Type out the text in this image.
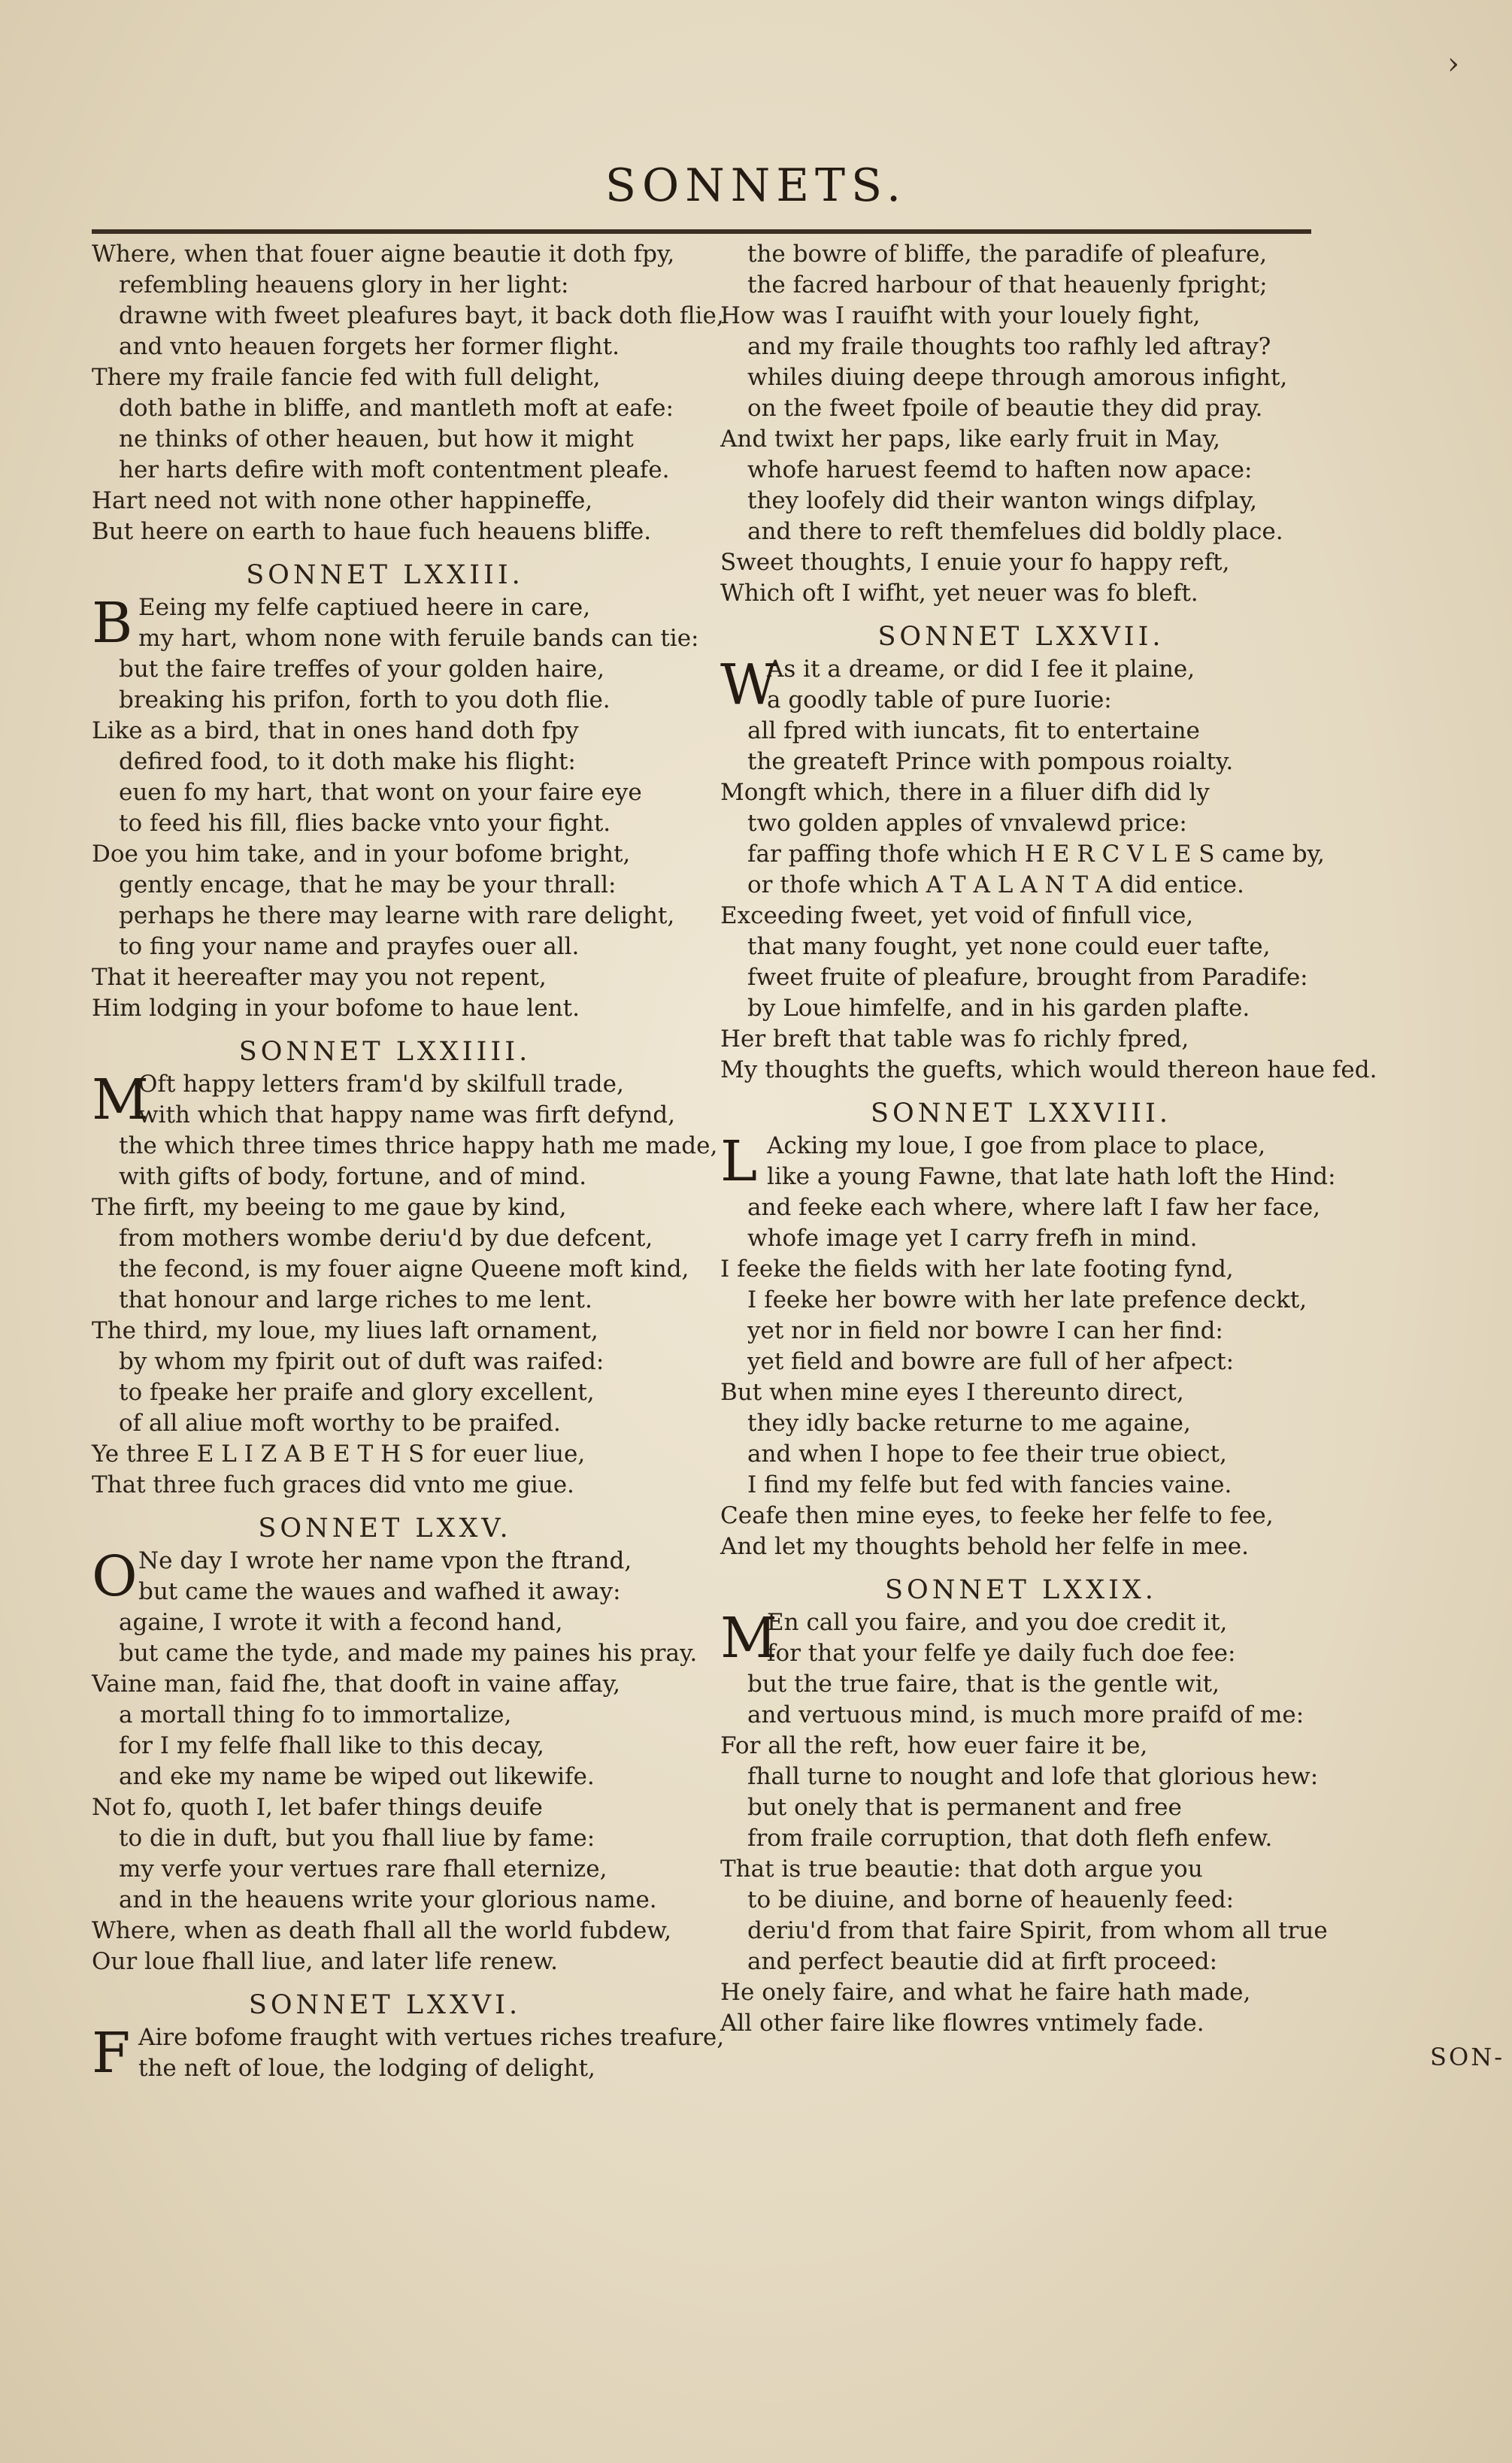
›
SONNETS.
Where, when that fouer aigne beautie it doth fpy,
refembling heauens glory in her light:
drawne with fweet pleafures bayt, it back doth flie,
and vnto heauen forgets her former flight.
There my fraile fancie fed with full delight,
doth bathe in bliffe, and mantleth moft at eafe:
ne thinks of other heauen, but how it might
her harts defire with moft contentment pleafe.
Hart need not with none other happineffe,
But heere on earth to haue fuch heauens bliffe.
SONNET LXXIII.
B Eeing my felfe captiued heere in care,
my hart, whom none with feruile bands can tie:
but the faire treffes of your golden haire,
breaking his prifon, forth to you doth flie.
Like as a bird, that in ones hand doth fpy
defired food, to it doth make his flight:
euen fo my hart, that wont on your faire eye
to feed his fill, flies backe vnto your fight.
Doe you him take, and in your bofome bright,
gently encage, that he may be your thrall:
perhaps he there may learne with rare delight,
to fing your name and prayfes ouer all.
That it heereafter may you not repent,
Him lodging in your bofome to haue lent.
SONNET LXXIIII.
M
Oft happy letters fram'd by skilfull trade,
with which that happy name was firft defynd,
the which three times thrice happy hath me made,
with gifts of body, fortune, and of mind.
The firft, my beeing to me gaue by kind,
from mothers wombe deriu'd by due defcent,
the fecond, is my fouer aigne Queene moft kind,
that honour and large riches to me lent.
The third, my loue, my liues laft ornament,
by whom my fpirit out of duft was raifed:
to fpeake her praife and glory excellent,
of all aliue moft worthy to be praifed.
Ye three E L I Z A B E T H S for euer liue,
That three fuch graces did vnto me giue.
SONNET LXXV.
O Ne day I wrote her name vpon the ftrand,
but came the waues and wafhed it away:
againe, I wrote it with a fecond hand,
but came the tyde, and made my paines his pray.
Vaine man, faid fhe, that dooft in vaine affay,
a mortall thing fo to immortalize,
for I my felfe fhall like to this decay,
and eke my name be wiped out likewife.
Not fo, quoth I, let bafer things deuife
to die in duft, but you fhall liue by fame:
my verfe your vertues rare fhall eternize,
and in the heauens write your glorious name.
Where, when as death fhall all the world fubdew,
Our loue fhall liue, and later life renew.
SONNET LXXVI.
F Aire bofome fraught with vertues riches treafure,
the neft of loue, the lodging of delight,
the bowre of bliffe, the paradife of pleafure,
the facred harbour of that heauenly fpright;
How was I rauifht with your louely fight,
and my fraile thoughts too rafhly led aftray?
whiles diuing deepe through amorous infight,
on the fweet fpoile of beautie they did pray.
And twixt her paps, like early fruit in May,
whofe haruest feemd to haften now apace:
they loofely did their wanton wings difplay,
and there to reft themfelues did boldly place.
Sweet thoughts, I enuie your fo happy reft,
Which oft I wifht, yet neuer was fo bleft.
SONNET LXXVII.
W
As it a dreame, or did I fee it plaine,
a goodly table of pure Iuorie:
all fpred with iuncats, fit to entertaine
the greateft Prince with pompous roialty.
Mongft which, there in a filuer difh did ly
two golden apples of vnvalewd price:
far paffing thofe which H E R C V L E S came by,
or thofe which A T A L A N T A did entice.
Exceeding fweet, yet void of finfull vice,
that many fought, yet none could euer tafte,
fweet fruite of pleafure, brought from Paradife:
by Loue himfelfe, and in his garden plafte.
Her breft that table was fo richly fpred,
My thoughts the guefts, which would thereon haue fed.
SONNET LXXVIII.
L Acking my loue, I goe from place to place,
like a young Fawne, that late hath loft the Hind:
and feeke each where, where laft I faw her face,
whofe image yet I carry frefh in mind.
I feeke the fields with her late footing fynd,
I feeke her bowre with her late prefence deckt,
yet nor in field nor bowre I can her find:
yet field and bowre are full of her afpect:
But when mine eyes I thereunto direct,
they idly backe returne to me againe,
and when I hope to fee their true obiect,
I find my felfe but fed with fancies vaine.
Ceafe then mine eyes, to feeke her felfe to fee,
And let my thoughts behold her felfe in mee.
SONNET LXXIX.
M
En call you faire, and you doe credit it,
for that your felfe ye daily fuch doe fee:
but the true faire, that is the gentle wit,
and vertuous mind, is much more praifd of me:
For all the reft, how euer faire it be,
fhall turne to nought and lofe that glorious hew:
but onely that is permanent and free
from fraile corruption, that doth flefh enfew.
That is true beautie: that doth argue you
to be diuine, and borne of heauenly feed:
deriu'd from that faire Spirit, from whom all true
and perfect beautie did at firft proceed:
He onely faire, and what he faire hath made,
All other faire like flowres vntimely fade.
SON-
